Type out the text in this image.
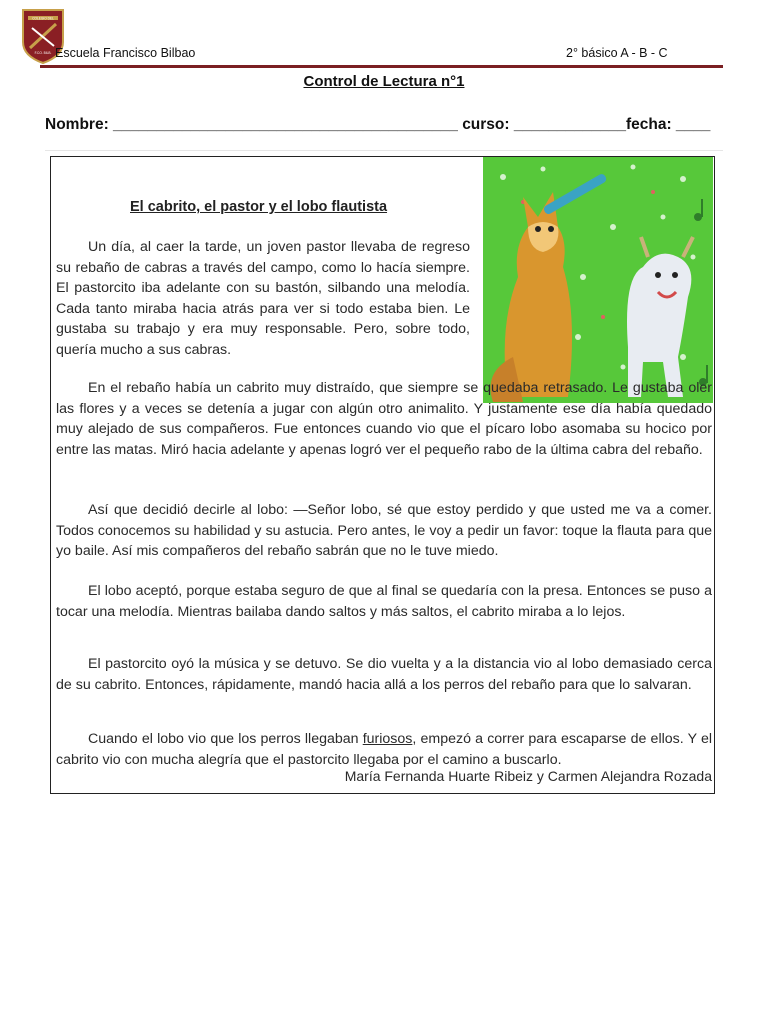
COLEGIO DEL
F.CO. BILB. Escuela Francisco Bilbao	2° básico A - B - C
Control de Lectura n°1
Nombre: ________________________________________ curso: _____________fecha: ____
El cabrito, el pastor y el lobo flautista

Un día, al caer la tarde, un joven pastor llevaba de regreso su rebaño de cabras a través del campo, como lo hacía siempre. El pastorcito iba adelante con su bastón, silbando una melodía. Cada tanto miraba hacia atrás para ver si todo estaba bien. Le gustaba su trabajo y era muy responsable. Pero, sobre todo, quería mucho a sus cabras.

En el rebaño había un cabrito muy distraído, que siempre se quedaba retrasado. Le gustaba oler las flores y a veces se detenía a jugar con algún otro animalito. Y justamente ese día había quedado muy alejado de sus compañeros. Fue entonces cuando vio que el pícaro lobo asomaba su hocico por entre las matas. Miró hacia adelante y apenas logró ver el pequeño rabo de la última cabra del rebaño.

Así que decidió decirle al lobo: —Señor lobo, sé que estoy perdido y que usted me va a comer. Todos conocemos su habilidad y su astucia. Pero antes, le voy a pedir un favor: toque la flauta para que yo baile. Así mis compañeros del rebaño sabrán que no le tuve miedo.

El lobo aceptó, porque estaba seguro de que al final se quedaría con la presa. Entonces se puso a tocar una melodía. Mientras bailaba dando saltos y más saltos, el cabrito miraba a lo lejos.

El pastorcito oyó la música y se detuvo. Se dio vuelta y a la distancia vio al lobo demasiado cerca de su cabrito. Entonces, rápidamente, mandó hacia allá a los perros del rebaño para que lo salvaran.

Cuando el lobo vio que los perros llegaban furiosos, empezó a correr para escaparse de ellos. Y el cabrito vio con mucha alegría que el pastorcito llegaba por el camino a buscarlo.

María Fernanda Huarte Ribeiz y Carmen Alejandra Rozada
